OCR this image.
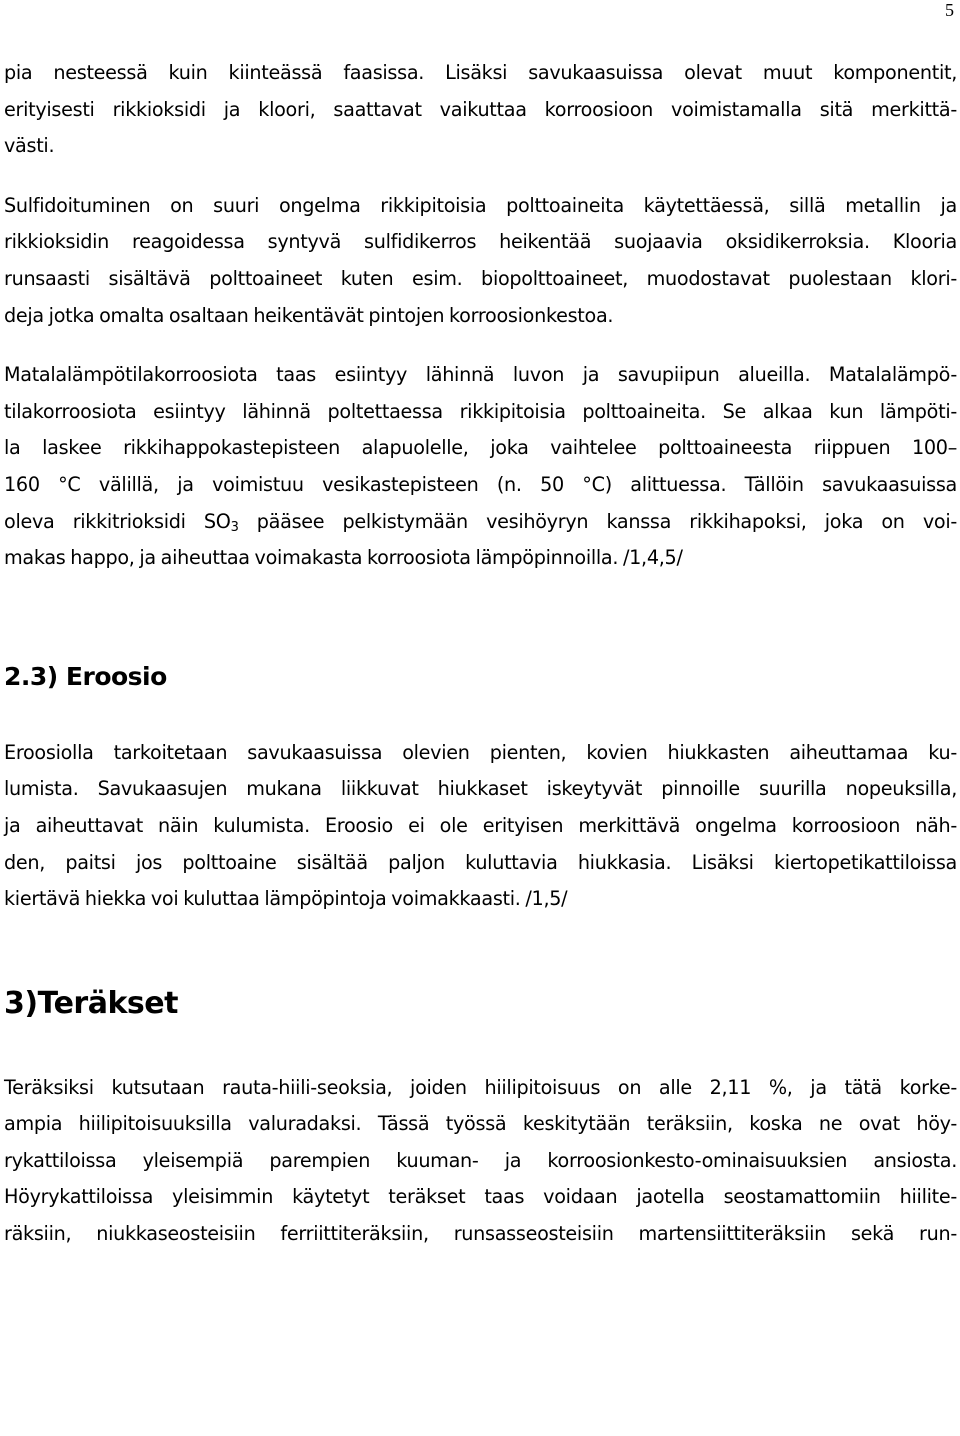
5
pia nesteessä kuin kiinteässä faasissa. Lisäksi savukaasuissa olevat muut komponentit,
erityisesti rikkioksidi ja kloori, saattavat vaikuttaa korroosioon voimistamalla sitä merkittä-
västi.
Sulfidoituminen on suuri ongelma rikkipitoisia polttoaineita käytettäessä, sillä metallin ja
rikkioksidin reagoidessa syntyvä sulfidikerros heikentää suojaavia oksidikerroksia. Klooria
runsaasti sisältävä polttoaineet kuten esim. biopolttoaineet, muodostavat puolestaan klori-
deja jotka omalta osaltaan heikentävät pintojen korroosionkestoa.
Matalalämpötilakorroosiota taas esiintyy lähinnä luvon ja savupiipun alueilla. Matalalämpö-
tilakorroosiota esiintyy lähinnä poltettaessa rikkipitoisia polttoaineita. Se alkaa kun lämpöti-
la laskee rikkihappokastepisteen alapuolelle, joka vaihtelee polttoaineesta riippuen 100–
160 °C välillä, ja voimistuu vesikastepisteen (n. 50 °C) alittuessa. Tällöin savukaasuissa
oleva rikkitrioksidi $SO_3$ pääsee pelkistymään vesihöyryn kanssa rikkihapoksi, joka on voi-
makas happo, ja aiheuttaa voimakasta korroosiota lämpöpinnoilla. /1,4,5/
2.3) Eroosio
Eroosiolla tarkoitetaan savukaasuissa olevien pienten, kovien hiukkasten aiheuttamaa ku-
lumista. Savukaasujen mukana liikkuvat hiukkaset iskeytyvät pinnoille suurilla nopeuksilla,
ja aiheuttavat näin kulumista. Eroosio ei ole erityisen merkittävä ongelma korroosioon näh-
den, paitsi jos polttoaine sisältää paljon kuluttavia hiukkasia. Lisäksi kiertopetikattiloissa
kiertävä hiekka voi kuluttaa lämpöpintoja voimakkaasti. /1,5/
3)Teräkset
Teräksiksi kutsutaan rauta-hiili-seoksia, joiden hiilipitoisuus on alle 2,11 %, ja tätä korke-
ampia hiilipitoisuuksilla valuradaksi. Tässä työssä keskitytään teräksiin, koska ne ovat höy-
rykattiloissa yleisempiä parempien kuuman- ja korroosionkesto-ominaisuuksien ansiosta.
Höyrykattiloissa yleisimmin käytetyt teräkset taas voidaan jaotella seostamattomiin hiilite-
räksiin, niukkaseosteisiin ferriittiteräksiin, runsasseosteisiin martensiittiteräksiin sekä run-
